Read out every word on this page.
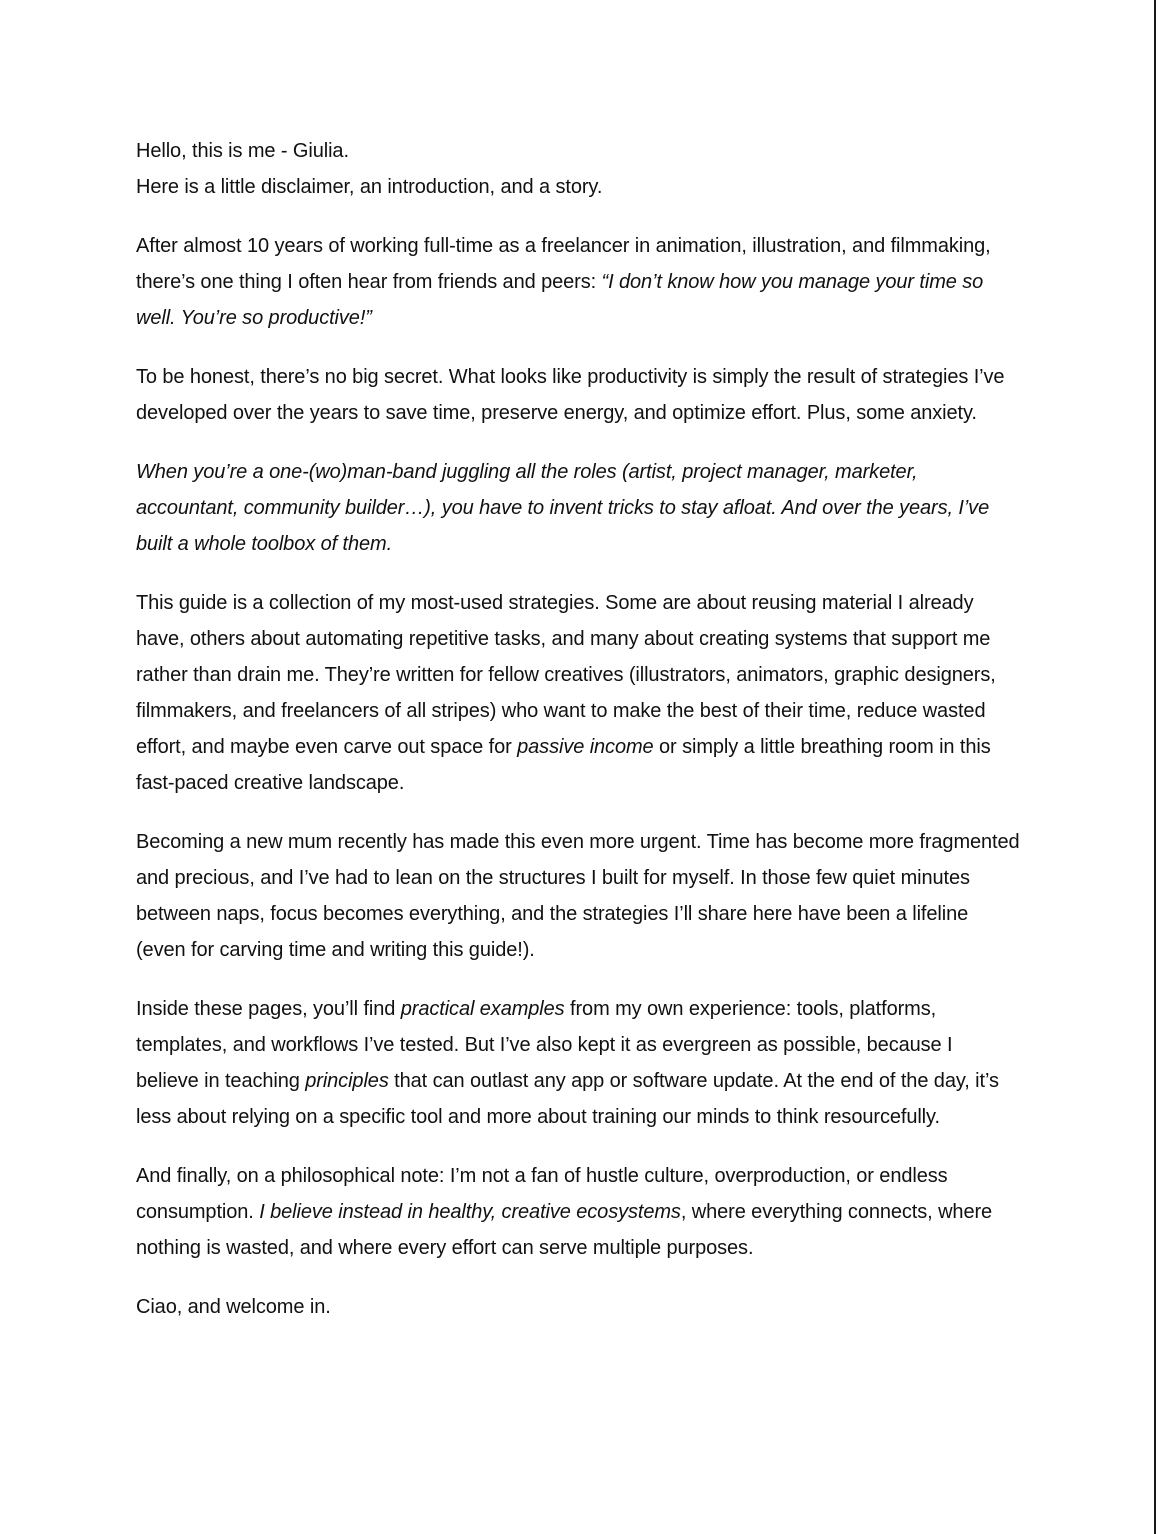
Hello, this is me - Giulia.
Here is a little disclaimer, an introduction, and a story.

After almost 10 years of working full-time as a freelancer in animation, illustration, and filmmaking, there’s one thing I often hear from friends and peers: “I don’t know how you manage your time so well. You’re so productive!”

To be honest, there’s no big secret. What looks like productivity is simply the result of strategies I’ve developed over the years to save time, preserve energy, and optimize effort. Plus, some anxiety.

When you’re a one-(wo)man-band juggling all the roles (artist, project manager, marketer, accountant, community builder…), you have to invent tricks to stay afloat. And over the years, I’ve built a whole toolbox of them.

This guide is a collection of my most-used strategies. Some are about reusing material I already have, others about automating repetitive tasks, and many about creating systems that support me rather than drain me. They’re written for fellow creatives (illustrators, animators, graphic designers, filmmakers, and freelancers of all stripes) who want to make the best of their time, reduce wasted effort, and maybe even carve out space for passive income or simply a little breathing room in this fast-paced creative landscape.

Becoming a new mum recently has made this even more urgent. Time has become more fragmented and precious, and I’ve had to lean on the structures I built for myself. In those few quiet minutes between naps, focus becomes everything, and the strategies I’ll share here have been a lifeline (even for carving time and writing this guide!).

Inside these pages, you’ll find practical examples from my own experience: tools, platforms, templates, and workflows I’ve tested. But I’ve also kept it as evergreen as possible, because I believe in teaching principles that can outlast any app or software update. At the end of the day, it’s less about relying on a specific tool and more about training our minds to think resourcefully.

And finally, on a philosophical note: I’m not a fan of hustle culture, overproduction, or endless consumption. I believe instead in healthy, creative ecosystems, where everything connects, where nothing is wasted, and where every effort can serve multiple purposes.

Ciao, and welcome in.
